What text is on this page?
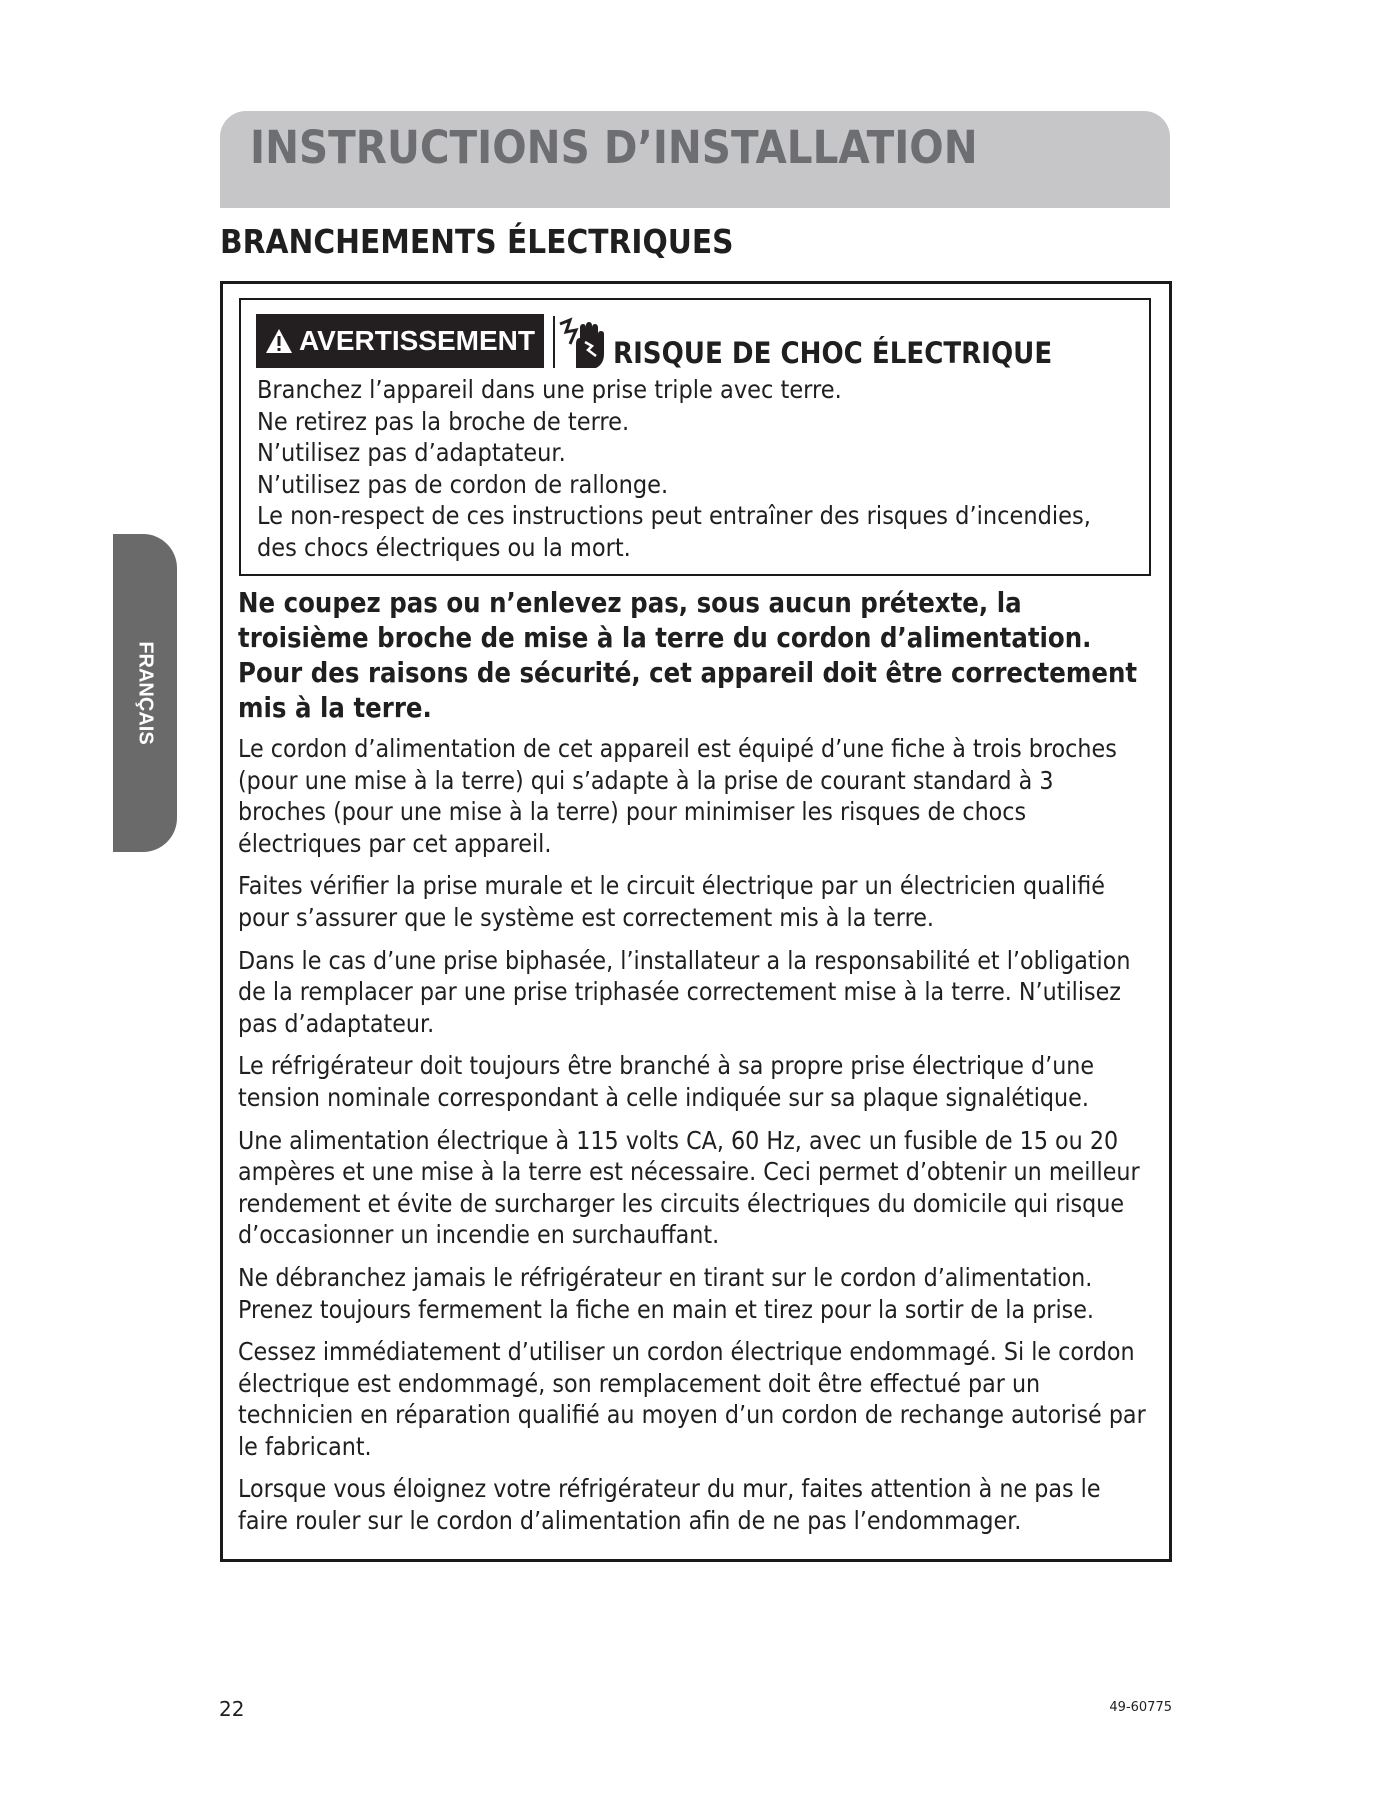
INSTRUCTIONS D’INSTALLATION
BRANCHEMENTS ÉLECTRIQUES
FRANÇAIS
AVERTISSEMENT	RISQUE DE CHOC ÉLECTRIQUE
Branchez l’appareil dans une prise triple avec terre.
Ne retirez pas la broche de terre.
N’utilisez pas d’adaptateur.
N’utilisez pas de cordon de rallonge.
Le non-respect de ces instructions peut entraîner des risques d’incendies,
des chocs électriques ou la mort.

Ne coupez pas ou n’enlevez pas, sous aucun prétexte, la troisième broche de mise à la terre du cordon d’alimentation. Pour des raisons de sécurité, cet appareil doit être correctement mis à la terre.

Le cordon d’alimentation de cet appareil est équipé d’une fiche à trois broches (pour une mise à la terre) qui s’adapte à la prise de courant standard à 3 broches (pour une mise à la terre) pour minimiser les risques de chocs électriques par cet appareil.

Faites vérifier la prise murale et le circuit électrique par un électricien qualifié pour s’assurer que le système est correctement mis à la terre.

Dans le cas d’une prise biphasée, l’installateur a la responsabilité et l’obligation de la remplacer par une prise triphasée correctement mise à la terre. N’utilisez pas d’adaptateur.

Le réfrigérateur doit toujours être branché à sa propre prise électrique d’une tension nominale correspondant à celle indiquée sur sa plaque signalétique.

Une alimentation électrique à 115 volts CA, 60 Hz, avec un fusible de 15 ou 20 ampères et une mise à la terre est nécessaire. Ceci permet d’obtenir un meilleur rendement et évite de surcharger les circuits électriques du domicile qui risque d’occasionner un incendie en surchauffant.

Ne débranchez jamais le réfrigérateur en tirant sur le cordon d’alimentation. Prenez toujours fermement la fiche en main et tirez pour la sortir de la prise.

Cessez immédiatement d’utiliser un cordon électrique endommagé. Si le cordon électrique est endommagé, son remplacement doit être effectué par un technicien en réparation qualifié au moyen d’un cordon de rechange autorisé par le fabricant.

Lorsque vous éloignez votre réfrigérateur du mur, faites attention à ne pas le faire rouler sur le cordon d’alimentation afin de ne pas l’endommager.

22	49-60775
